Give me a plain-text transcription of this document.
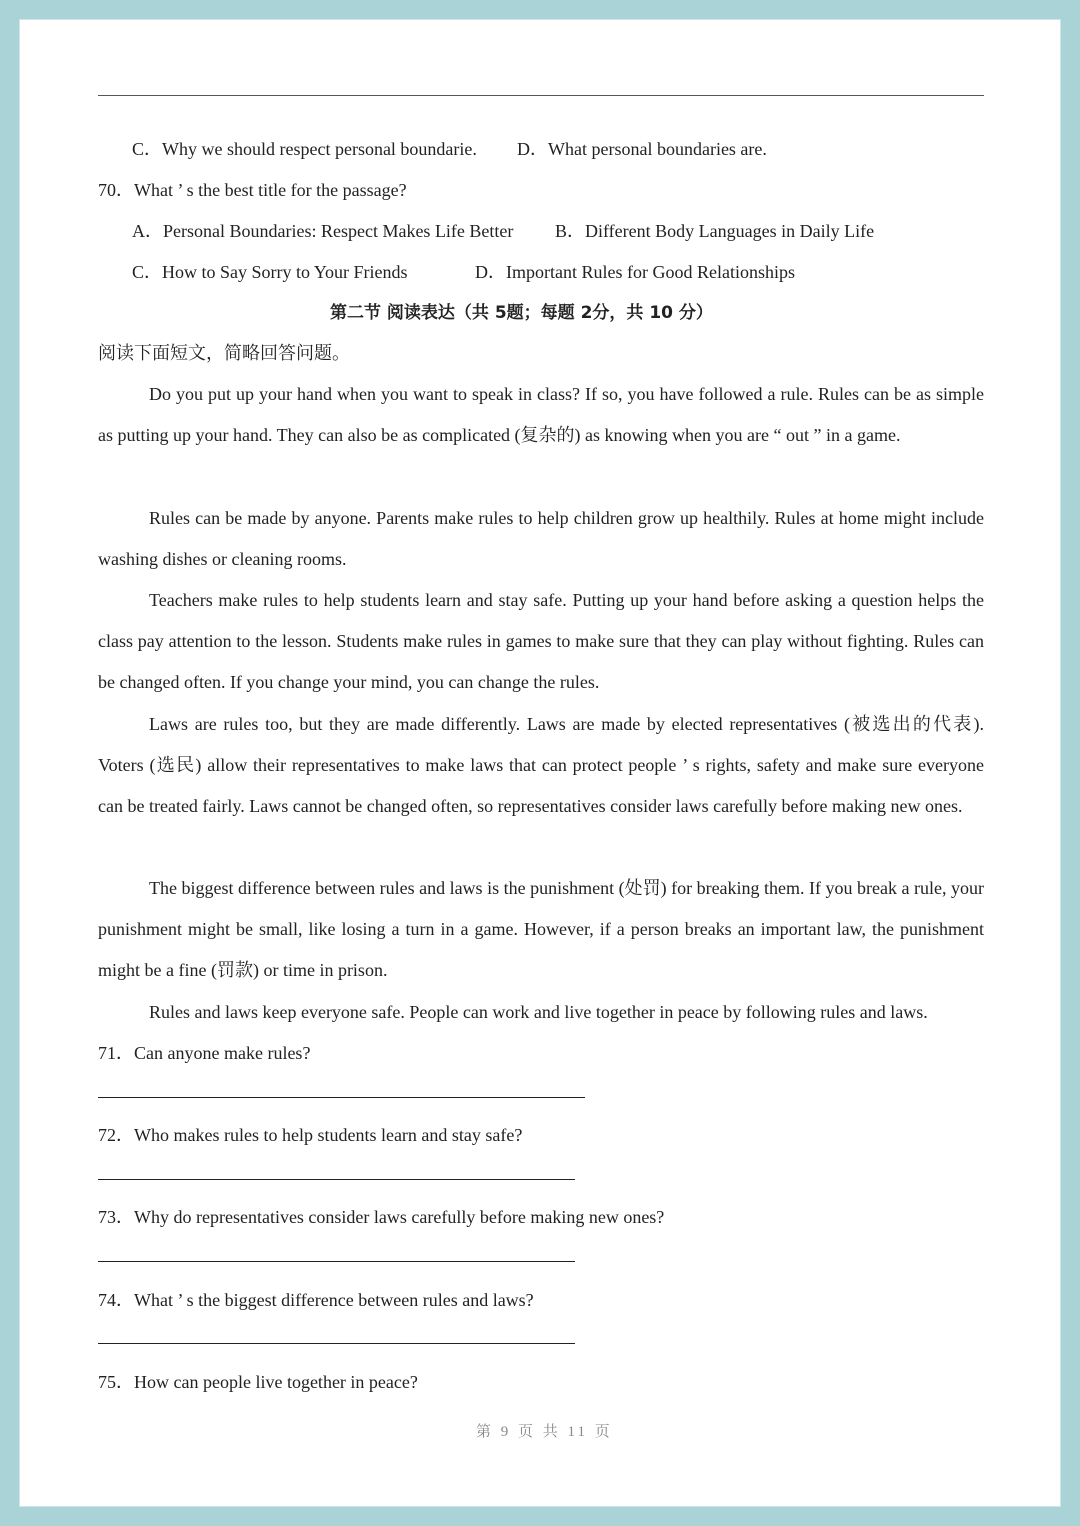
C．Why we should respect personal boundarie. D．What personal boundaries are.
70．What ’ s the best title for the passage?
A．Personal Boundaries: Respect Makes Life Better B．Different Body Languages in Daily Life
C．How to Say Sorry to Your Friends	D．Important Rules for Good Relationships
第二节 阅读表达（共 5题；每题 2分，共 10 分）
阅读下面短文，简略回答问题。
Do you put up your hand when you want to speak in class? If so, you have followed a rule. Rules can be as simple as putting up your hand. They can also be as complicated (复杂的) as knowing when you are “ out ” in a game.
Rules can be made by anyone. Parents make rules to help children grow up healthily. Rules at home might include washing dishes or cleaning rooms.
Teachers make rules to help students learn and stay safe. Putting up your hand before asking a question helps the class pay attention to the lesson. Students make rules in games to make sure that they can play without fighting. Rules can be changed often. If you change your mind, you can change the rules.
Laws are rules too, but they are made differently. Laws are made by elected representatives (被选出的代表). Voters (选民) allow their representatives to make laws that can protect people ’ s rights, safety and make sure everyone can be treated fairly. Laws cannot be changed often, so representatives consider laws carefully before making new ones.
The biggest difference between rules and laws is the punishment (处罚) for breaking them. If you break a rule, your punishment might be small, like losing a turn in a game. However, if a person breaks an important law, the punishment might be a fine (罚款) or time in prison.
Rules and laws keep everyone safe. People can work and live together in peace by following rules and laws.
71．Can anyone make rules?
72．Who makes rules to help students learn and stay safe?
73．Why do representatives consider laws carefully before making new ones?
74．What ’ s the biggest difference between rules and laws?
75．How can people live together in peace?
第 9 页 共 11 页
